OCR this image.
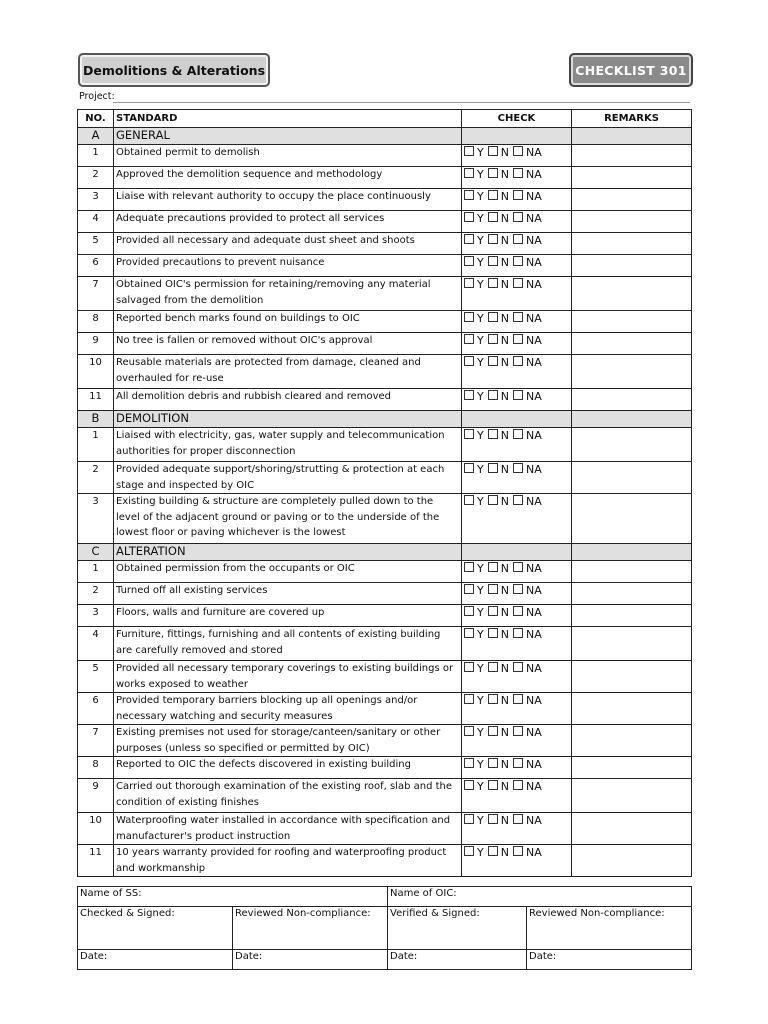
Demolitions & Alterations	CHECKLIST 301
Project:
NO.	STANDARD	CHECK	REMARKS
A	GENERAL		
1	Obtained permit to demolish	Y N NA	
2	Approved the demolition sequence and methodology	Y N NA	
3	Liaise with relevant authority to occupy the place continuously	Y N NA	
4	Adequate precautions provided to protect all services	Y N NA	
5	Provided all necessary and adequate dust sheet and shoots	Y N NA	
6	Provided precautions to prevent nuisance	Y N NA	
7	Obtained OIC's permission for retaining/removing any material salvaged from the demolition	Y N NA	
8	Reported bench marks found on buildings to OIC	Y N NA	
9	No tree is fallen or removed without OIC's approval	Y N NA	
10	Reusable materials are protected from damage, cleaned and overhauled for re-use	Y N NA	
11	All demolition debris and rubbish cleared and removed	Y N NA	
B	DEMOLITION		
1	Liaised with electricity, gas, water supply and telecommunication authorities for proper disconnection	Y N NA	
2	Provided adequate support/shoring/strutting & protection at each stage and inspected by OIC	Y N NA	
3	Existing building & structure are completely pulled down to the level of the adjacent ground or paving or to the underside of the lowest floor or paving whichever is the lowest	Y N NA	
C	ALTERATION		
1	Obtained permission from the occupants or OIC	Y N NA	
2	Turned off all existing services	Y N NA	
3	Floors, walls and furniture are covered up	Y N NA	
4	Furniture, fittings, furnishing and all contents of existing building are carefully removed and stored	Y N NA	
5	Provided all necessary temporary coverings to existing buildings or works exposed to weather	Y N NA	
6	Provided temporary barriers blocking up all openings and/or necessary watching and security measures	Y N NA	
7	Existing premises not used for storage/canteen/sanitary or other purposes (unless so specified or permitted by OIC)	Y N NA	
8	Reported to OIC the defects discovered in existing building	Y N NA	
9	Carried out thorough examination of the existing roof, slab and the condition of existing finishes	Y N NA	
10	Waterproofing water installed in accordance with specification and manufacturer's product instruction	Y N NA	
11	10 years warranty provided for roofing and waterproofing product and workmanship	Y N NA	
Name of SS:		Name of OIC:	
Checked & Signed:	Reviewed Non-compliance:	Verified & Signed:	Reviewed Non-compliance:
Date:	Date:	Date:	Date:
